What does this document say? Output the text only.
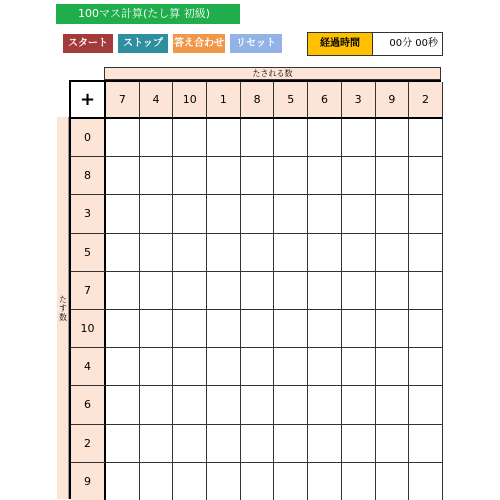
100マス計算(たし算 初級)
スタート	ストップ	答え合わせ	リセット	経過時間	00分 00秒
たされる数
たす数
+	7	4	10	1	8	5	6	3	9	2
0
8
3
5
7
10
4
6
2
9
